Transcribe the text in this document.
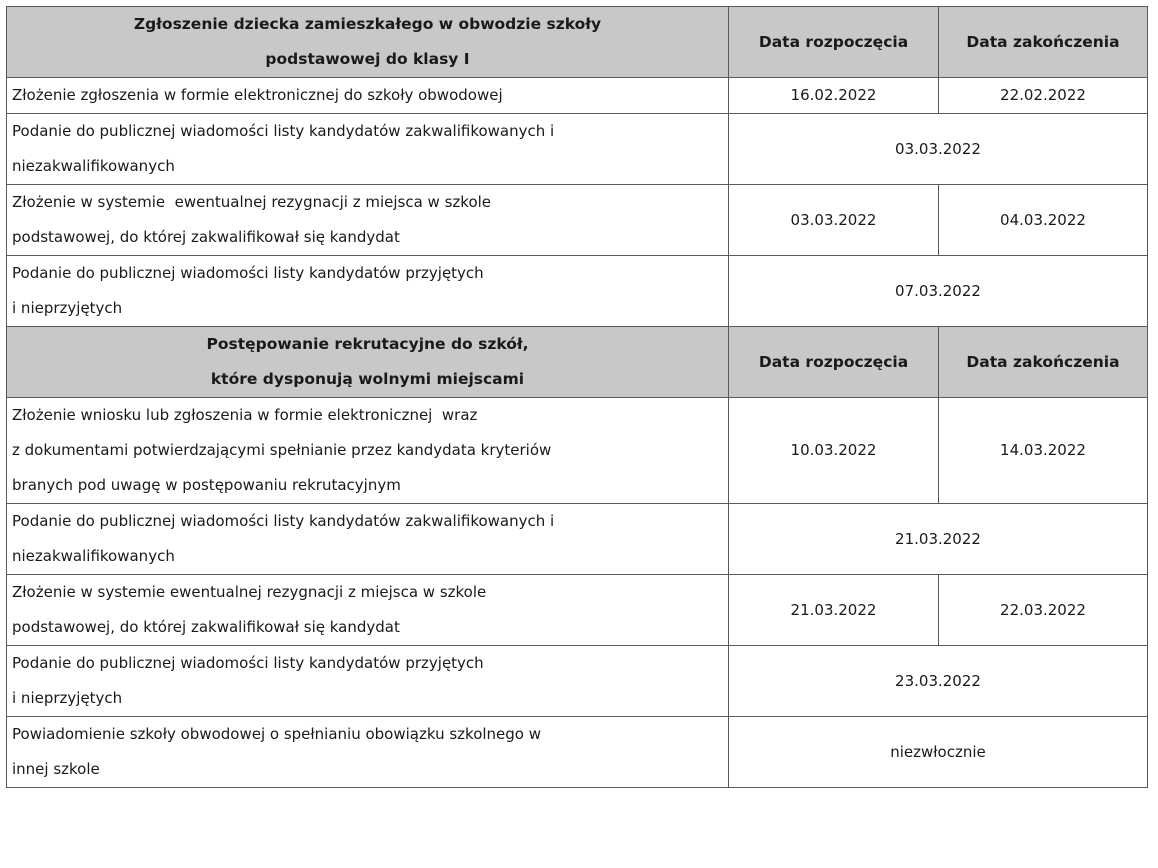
Zgłoszenie dziecka zamieszkałego w obwodzie szkoły
podstawowej do klasy I	Data rozpoczęcia	Data zakończenia

Złożenie zgłoszenia w formie elektronicznej do szkoły obwodowej	16.02.2022	22.02.2022

Podanie do publicznej wiadomości listy kandydatów zakwalifikowanych i
niezakwalifikowanych	03.03.2022	

Złożenie w systemie  ewentualnej rezygnacji z miejsca w szkole
podstawowej, do której zakwalifikował się kandydat	03.03.2022	04.03.2022

Podanie do publicznej wiadomości listy kandydatów przyjętych
i nieprzyjętych	07.03.2022	

Postępowanie rekrutacyjne do szkół,
które dysponują wolnymi miejscami	Data rozpoczęcia	Data zakończenia

Złożenie wniosku lub zgłoszenia w formie elektronicznej  wraz
z dokumentami potwierdzającymi spełnianie przez kandydata kryteriów
branych pod uwagę w postępowaniu rekrutacyjnym	10.03.2022	14.03.2022

Podanie do publicznej wiadomości listy kandydatów zakwalifikowanych i
niezakwalifikowanych	21.03.2022	

Złożenie w systemie ewentualnej rezygnacji z miejsca w szkole
podstawowej, do której zakwalifikował się kandydat	21.03.2022	22.03.2022

Podanie do publicznej wiadomości listy kandydatów przyjętych
i nieprzyjętych	23.03.2022	

Powiadomienie szkoły obwodowej o spełnianiu obowiązku szkolnego w
innej szkole	niezwłocznie	
